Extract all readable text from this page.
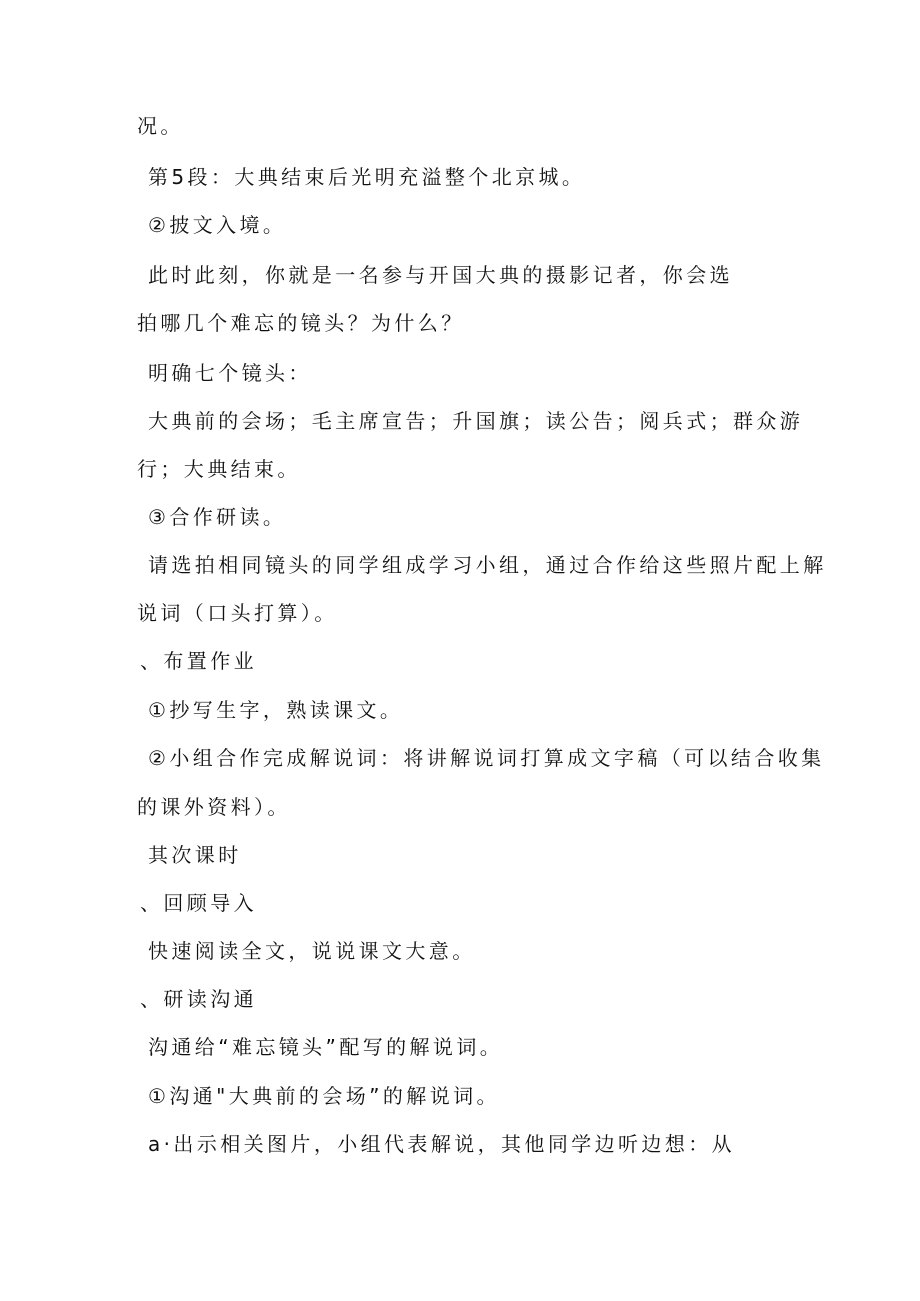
况。
第5段：大典结束后光明充溢整个北京城。
②披文入境。
此时此刻，你就是一名参与开国大典的摄影记者，你会选
拍哪几个难忘的镜头？为什么？
明确七个镜头：
大典前的会场；毛主席宣告；升国旗；读公告；阅兵式；群众游
行；大典结束。
③合作研读。
请选拍相同镜头的同学组成学习小组，通过合作给这些照片配上解
说词（口头打算）。
、布置作业
①抄写生字，熟读课文。
②小组合作完成解说词：将讲解说词打算成文字稿（可以结合收集
的课外资料）。
其次课时
、回顾导入
快速阅读全文，说说课文大意。
、研读沟通
沟通给“难忘镜头”配写的解说词。
①沟通"大典前的会场”的解说词。
a·出示相关图片，小组代表解说，其他同学边听边想：从
